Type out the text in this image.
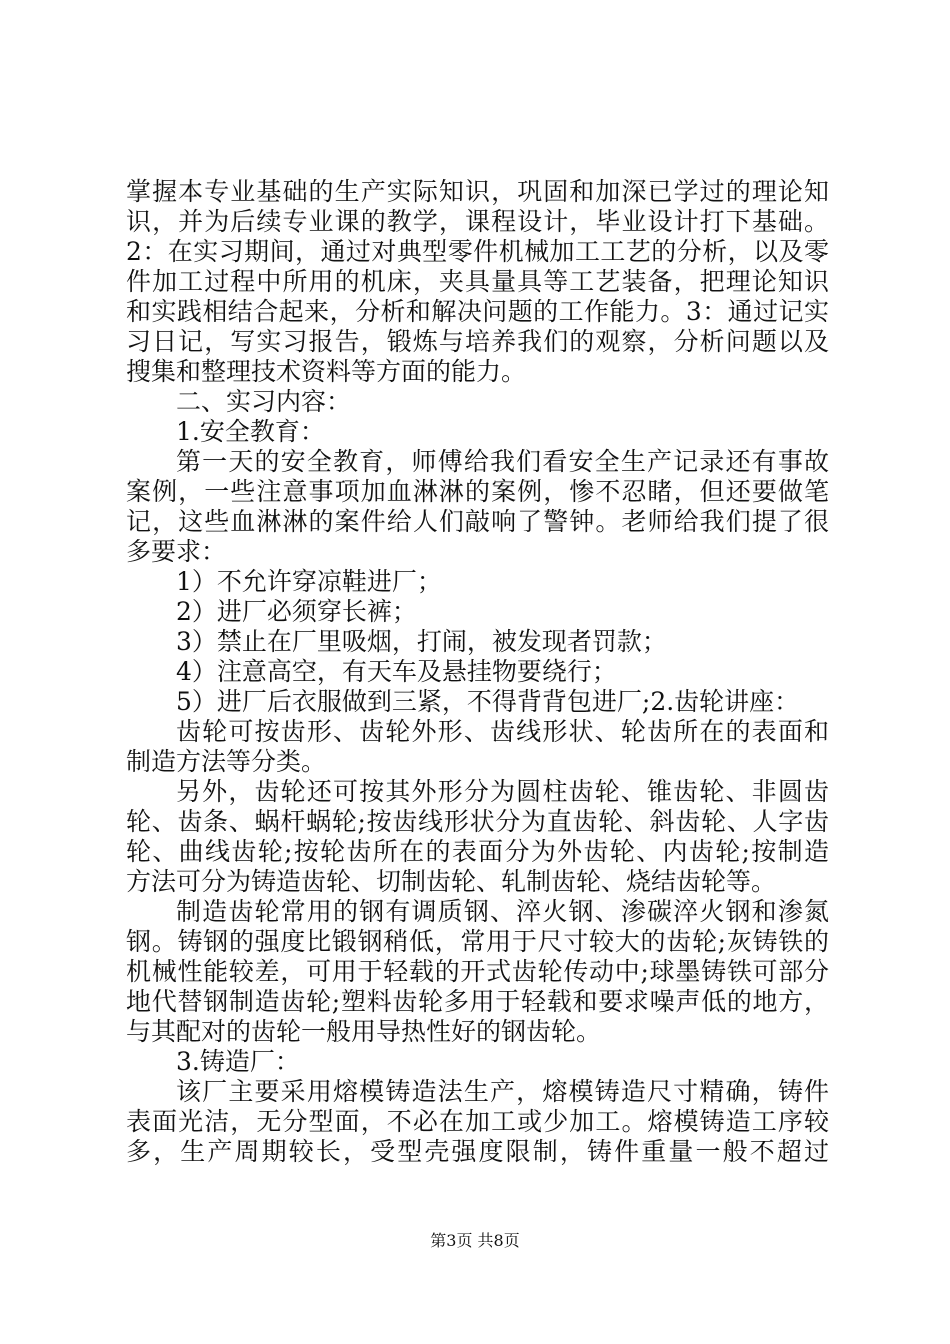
掌握本专业基础的生产实际知识，巩固和加深已学过的理论知

识，并为后续专业课的教学，课程设计，毕业设计打下基础。

2：在实习期间，通过对典型零件机械加工工艺的分析，以及零

件加工过程中所用的机床，夹具量具等工艺装备，把理论知识

和实践相结合起来，分析和解决问题的工作能力。3：通过记实

习日记，写实习报告，锻炼与培养我们的观察，分析问题以及

搜集和整理技术资料等方面的能力。

二、实习内容：

1.安全教育：

第一天的安全教育，师傅给我们看安全生产记录还有事故

案例，一些注意事项加血淋淋的案例，惨不忍睹，但还要做笔

记，这些血淋淋的案件给人们敲响了警钟。老师给我们提了很

多要求：

1）不允许穿凉鞋进厂；

2）进厂必须穿长裤；

3）禁止在厂里吸烟，打闹，被发现者罚款；

4）注意高空，有天车及悬挂物要绕行；

5）进厂后衣服做到三紧，不得背背包进厂;2.齿轮讲座：

齿轮可按齿形、齿轮外形、齿线形状、轮齿所在的表面和

制造方法等分类。

另外，齿轮还可按其外形分为圆柱齿轮、锥齿轮、非圆齿

轮、齿条、蜗杆蜗轮;按齿线形状分为直齿轮、斜齿轮、人字齿

轮、曲线齿轮;按轮齿所在的表面分为外齿轮、内齿轮;按制造

方法可分为铸造齿轮、切制齿轮、轧制齿轮、烧结齿轮等。

制造齿轮常用的钢有调质钢、淬火钢、渗碳淬火钢和渗氮

钢。铸钢的强度比锻钢稍低，常用于尺寸较大的齿轮;灰铸铁的

机械性能较差，可用于轻载的开式齿轮传动中;球墨铸铁可部分

地代替钢制造齿轮;塑料齿轮多用于轻载和要求噪声低的地方，

与其配对的齿轮一般用导热性好的钢齿轮。

3.铸造厂：

该厂主要采用熔模铸造法生产，熔模铸造尺寸精确，铸件

表面光洁，无分型面，不必在加工或少加工。熔模铸造工序较

多，生产周期较长，受型壳强度限制，铸件重量一般不超过

第3页 共8页
